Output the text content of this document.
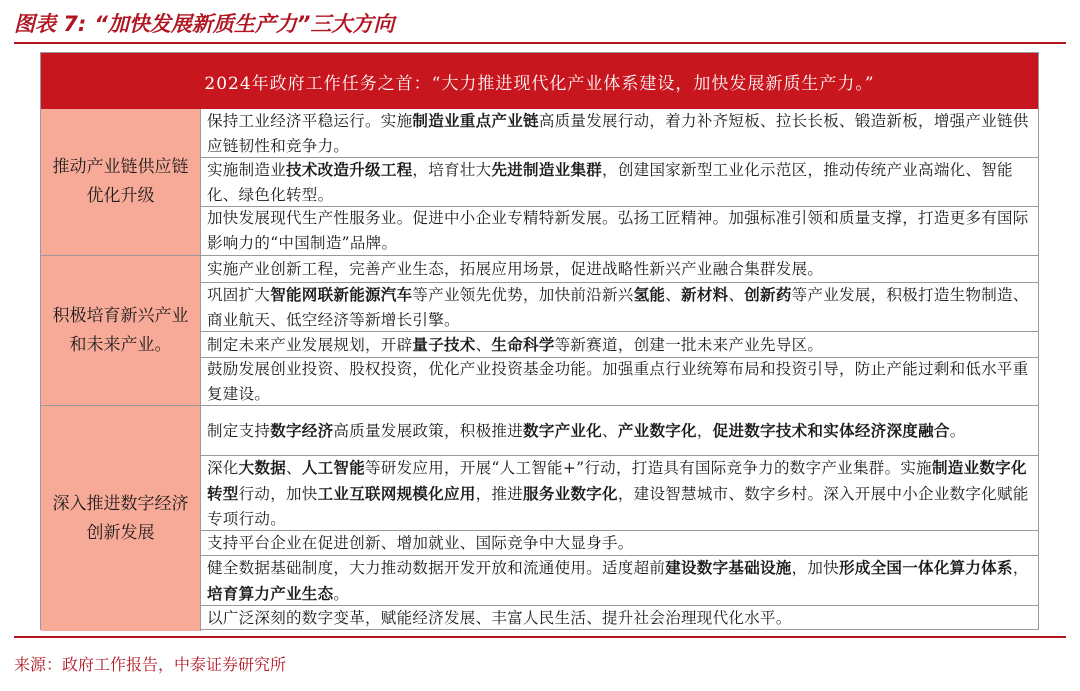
图表 7: “加快发展新质生产力”三大方向
2024年政府工作任务之首：“大力推进现代化产业体系建设，加快发展新质生产力。”
推动产业链供应链优化升级
保持工业经济平稳运行。实施制造业重点产业链高质量发展行动，着力补齐短板、拉长长板、锻造新板，增强产业链供应链韧性和竞争力。
实施制造业技术改造升级工程，培育壮大先进制造业集群，创建国家新型工业化示范区，推动传统产业高端化、智能化、绿色化转型。
加快发展现代生产性服务业。促进中小企业专精特新发展。弘扬工匠精神。加强标准引领和质量支撑，打造更多有国际影响力的“中国制造”品牌。
积极培育新兴产业和未来产业。
实施产业创新工程，完善产业生态，拓展应用场景，促进战略性新兴产业融合集群发展。
巩固扩大智能网联新能源汽车等产业领先优势，加快前沿新兴氢能、新材料、创新药等产业发展，积极打造生物制造、商业航天、低空经济等新增长引擎。
制定未来产业发展规划，开辟量子技术、生命科学等新赛道，创建一批未来产业先导区。
鼓励发展创业投资、股权投资，优化产业投资基金功能。加强重点行业统筹布局和投资引导，防止产能过剩和低水平重复建设。
深入推进数字经济创新发展
制定支持数字经济高质量发展政策，积极推进数字产业化、产业数字化，促进数字技术和实体经济深度融合。
深化大数据、人工智能等研发应用，开展“人工智能+”行动，打造具有国际竞争力的数字产业集群。实施制造业数字化转型行动，加快工业互联网规模化应用，推进服务业数字化，建设智慧城市、数字乡村。深入开展中小企业数字化赋能专项行动。
支持平台企业在促进创新、增加就业、国际竞争中大显身手。
健全数据基础制度，大力推动数据开发开放和流通使用。适度超前建设数字基础设施，加快形成全国一体化算力体系，培育算力产业生态。
以广泛深刻的数字变革，赋能经济发展、丰富人民生活、提升社会治理现代化水平。
来源：政府工作报告，中泰证券研究所
